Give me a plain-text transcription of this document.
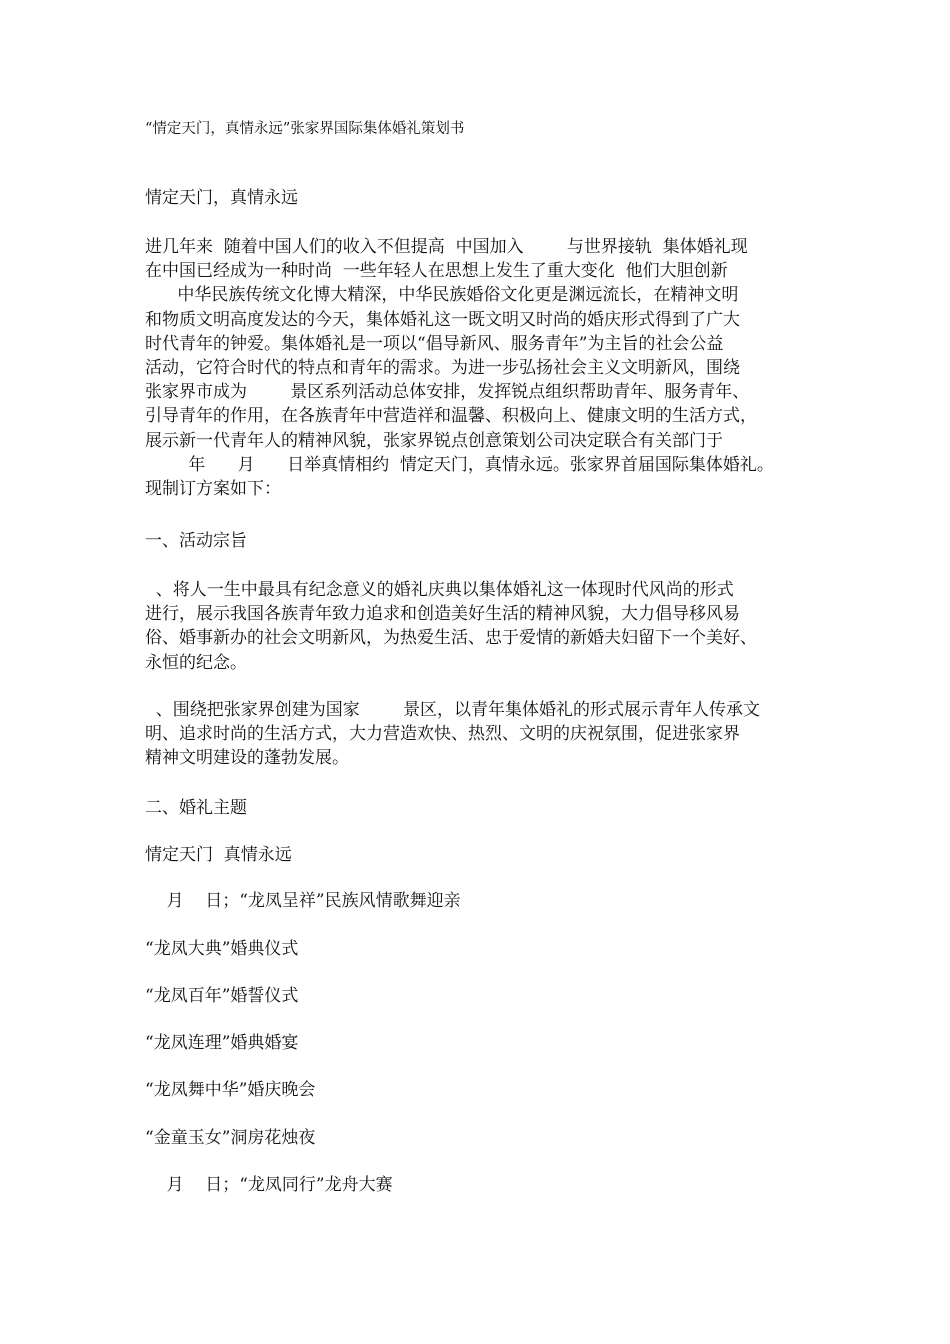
“情定天门，真情永远”张家界国际集体婚礼策划书
情定天门，真情永远
进几年来  随着中国人们的收入不但提高  中国加入        与世界接轨  集体婚礼现
在中国已经成为一种时尚  一些年轻人在思想上发生了重大变化  他们大胆创新
中华民族传统文化博大精深，中华民族婚俗文化更是渊远流长，在精神文明
和物质文明高度发达的今天，集体婚礼这一既文明又时尚的婚庆形式得到了广大
时代青年的钟爱。集体婚礼是一项以“倡导新风、服务青年”为主旨的社会公益
活动，它符合时代的特点和青年的需求。为进一步弘扬社会主义文明新风，围绕
张家界市成为        景区系列活动总体安排，发挥锐点组织帮助青年、服务青年、
引导青年的作用，在各族青年中营造祥和温馨、积极向上、健康文明的生活方式，
展示新一代青年人的精神风貌，张家界锐点创意策划公司决定联合有关部门于
年      月      日举真情相约  情定天门，真情永远。张家界首届国际集体婚礼。
现制订方案如下：
一、活动宗旨
、将人一生中最具有纪念意义的婚礼庆典以集体婚礼这一体现时代风尚的形式
进行，展示我国各族青年致力追求和创造美好生活的精神风貌，大力倡导移风易
俗、婚事新办的社会文明新风，为热爱生活、忠于爱情的新婚夫妇留下一个美好、
永恒的纪念。
、围绕把张家界创建为国家        景区，以青年集体婚礼的形式展示青年人传承文
明、追求时尚的生活方式，大力营造欢快、热烈、文明的庆祝氛围，促进张家界
精神文明建设的蓬勃发展。
二、婚礼主题
情定天门  真情永远
月    日；“龙凤呈祥”民族风情歌舞迎亲
“龙凤大典”婚典仪式
“龙凤百年”婚誓仪式
“龙凤连理”婚典婚宴
“龙凤舞中华”婚庆晚会
“金童玉女”洞房花烛夜
月    日；“龙凤同行”龙舟大赛
